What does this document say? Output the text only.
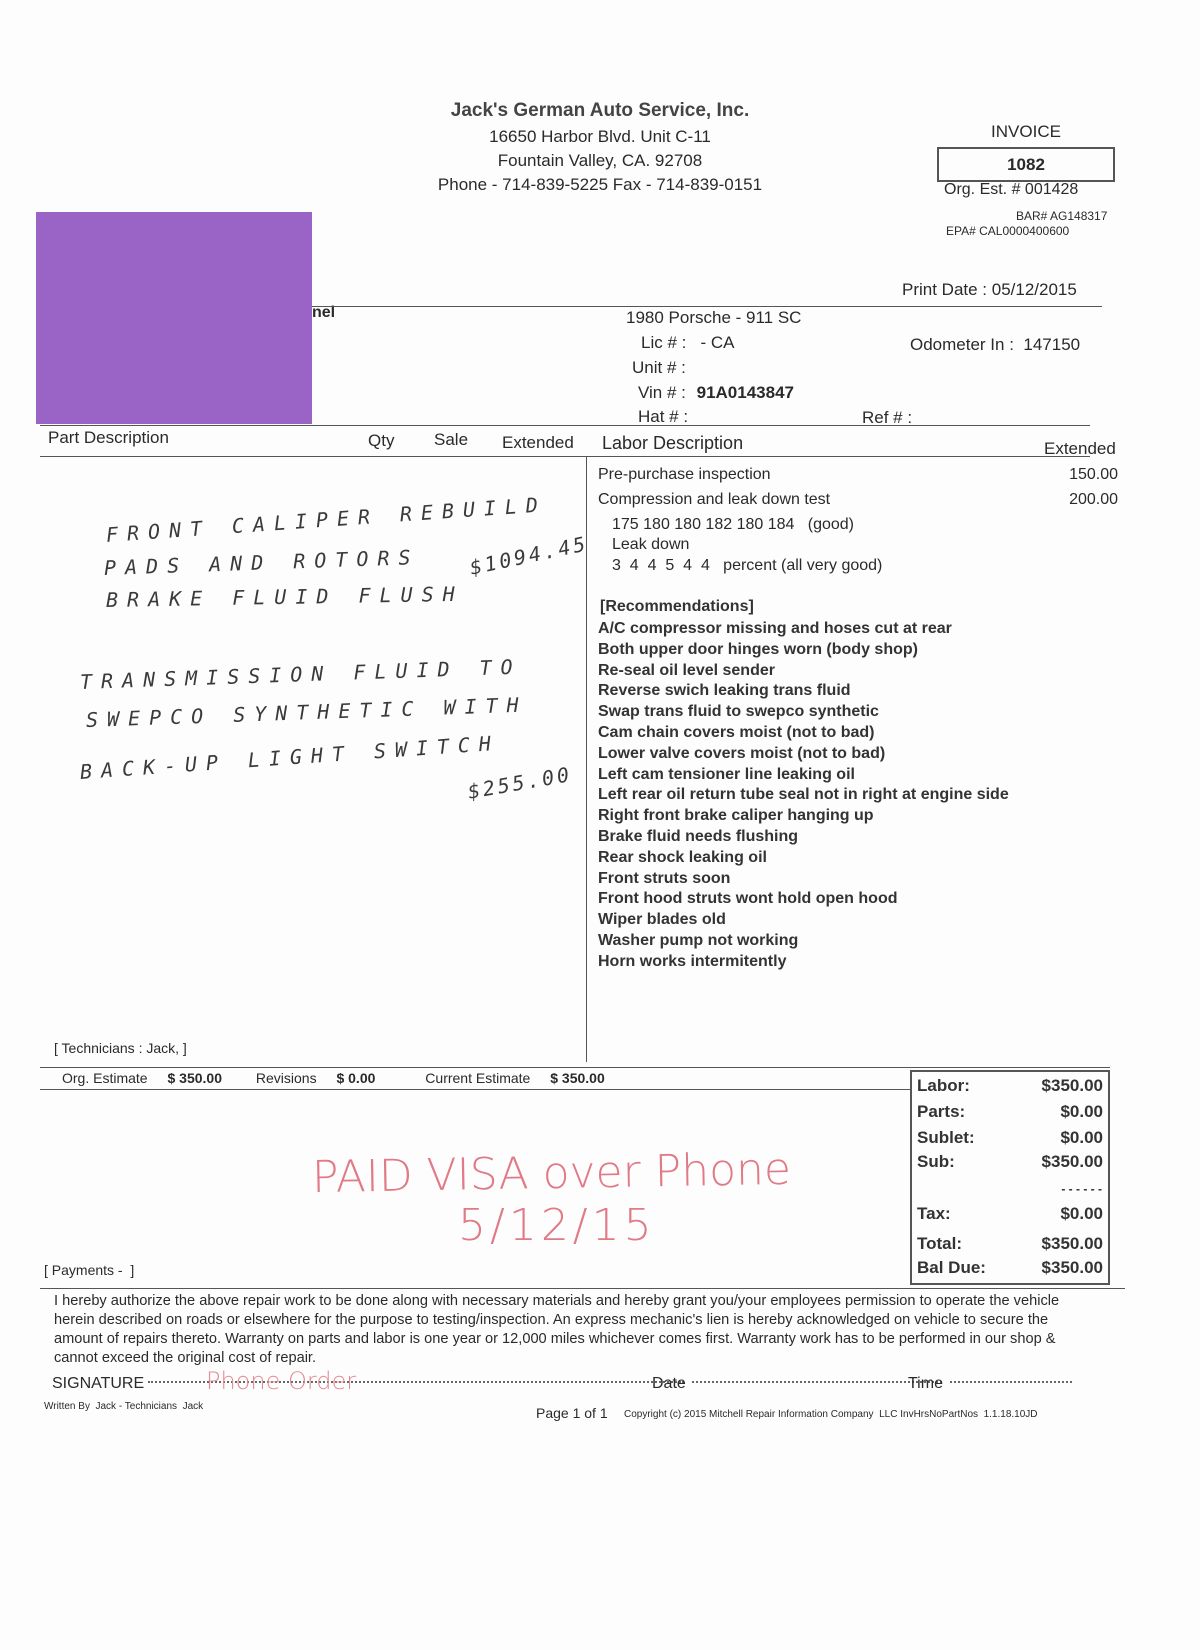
Jack's German Auto Service, Inc.
16650 Harbor Blvd. Unit C-11
Fountain Valley, CA. 92708
Phone - 714-839-5225 Fax - 714-839-0151
INVOICE
1082
Org. Est. # 001428
BAR# AG148317
EPA# CAL0000400600
Print Date : 05/12/2015
nel	1980 Porsche - 911 SC
Lic # :   - CA
Unit # :
Vin # : 91A0143847
Hat # :	Ref # :
Odometer In :  147150
Part Description	Qty Sale Extended Labor Description	Extended
Pre-purchase inspection	150.00
Compression and leak down test	200.00
175 180 180 182 180 184   (good)
Leak down
3  4  4  5  4  4   percent (all very good)
[Recommendations]
A/C compressor missing and hoses cut at rear
Both upper door hinges worn (body shop)
Re-seal oil level sender
Reverse swich leaking trans fluid
Swap trans fluid to swepco synthetic
Cam chain covers moist (not to bad)
Lower valve covers moist (not to bad)
Left cam tensioner line leaking oil
Left rear oil return tube seal not in right at engine side
Right front brake caliper hanging up
Brake fluid needs flushing
Rear shock leaking oil
Front struts soon
Front hood struts wont hold open hood
Wiper blades old
Washer pump not working
Horn works intermitently
FRONT CALIPER REBUILD
PADS AND ROTORS $1094.45
BRAKE FLUID FLUSH
TRANSMISSION FLUID TO
SWEPCO SYNTHETIC WITH
BACK-UP LIGHT SWITCH
$255.00
[ Technicians : Jack, ]
Org. Estimate $ 350.00 Revisions $ 0.00	Current Estimate $ 350.00
PAID VISA over Phone
5/12/15
[ Payments -  ]
Labor:	$350.00
Parts:	$0.00
Sublet:	$0.00
Sub:	$350.00
- - - - - -
Tax:	$0.00
Total:	$350.00
Bal Due:	$350.00
I hereby authorize the above repair work to be done along with necessary materials and hereby grant you/your employees permission to operate the vehicle herein described on roads or elsewhere for the purpose to testing/inspection. An express mechanic's lien is hereby acknowledged on vehicle to secure the amount of repairs thereto. Warranty on parts and labor is one year or 12,000 miles whichever comes first. Warranty work has to be performed in our shop & cannot exceed the original cost of repair.
SIGNATURE	Phone Order	Date	Time
Written By  Jack - Technicians  Jack	Page 1 of 1 Copyright (c) 2015 Mitchell Repair Information Company  LLC InvHrsNoPartNos  1.1.18.10JD
